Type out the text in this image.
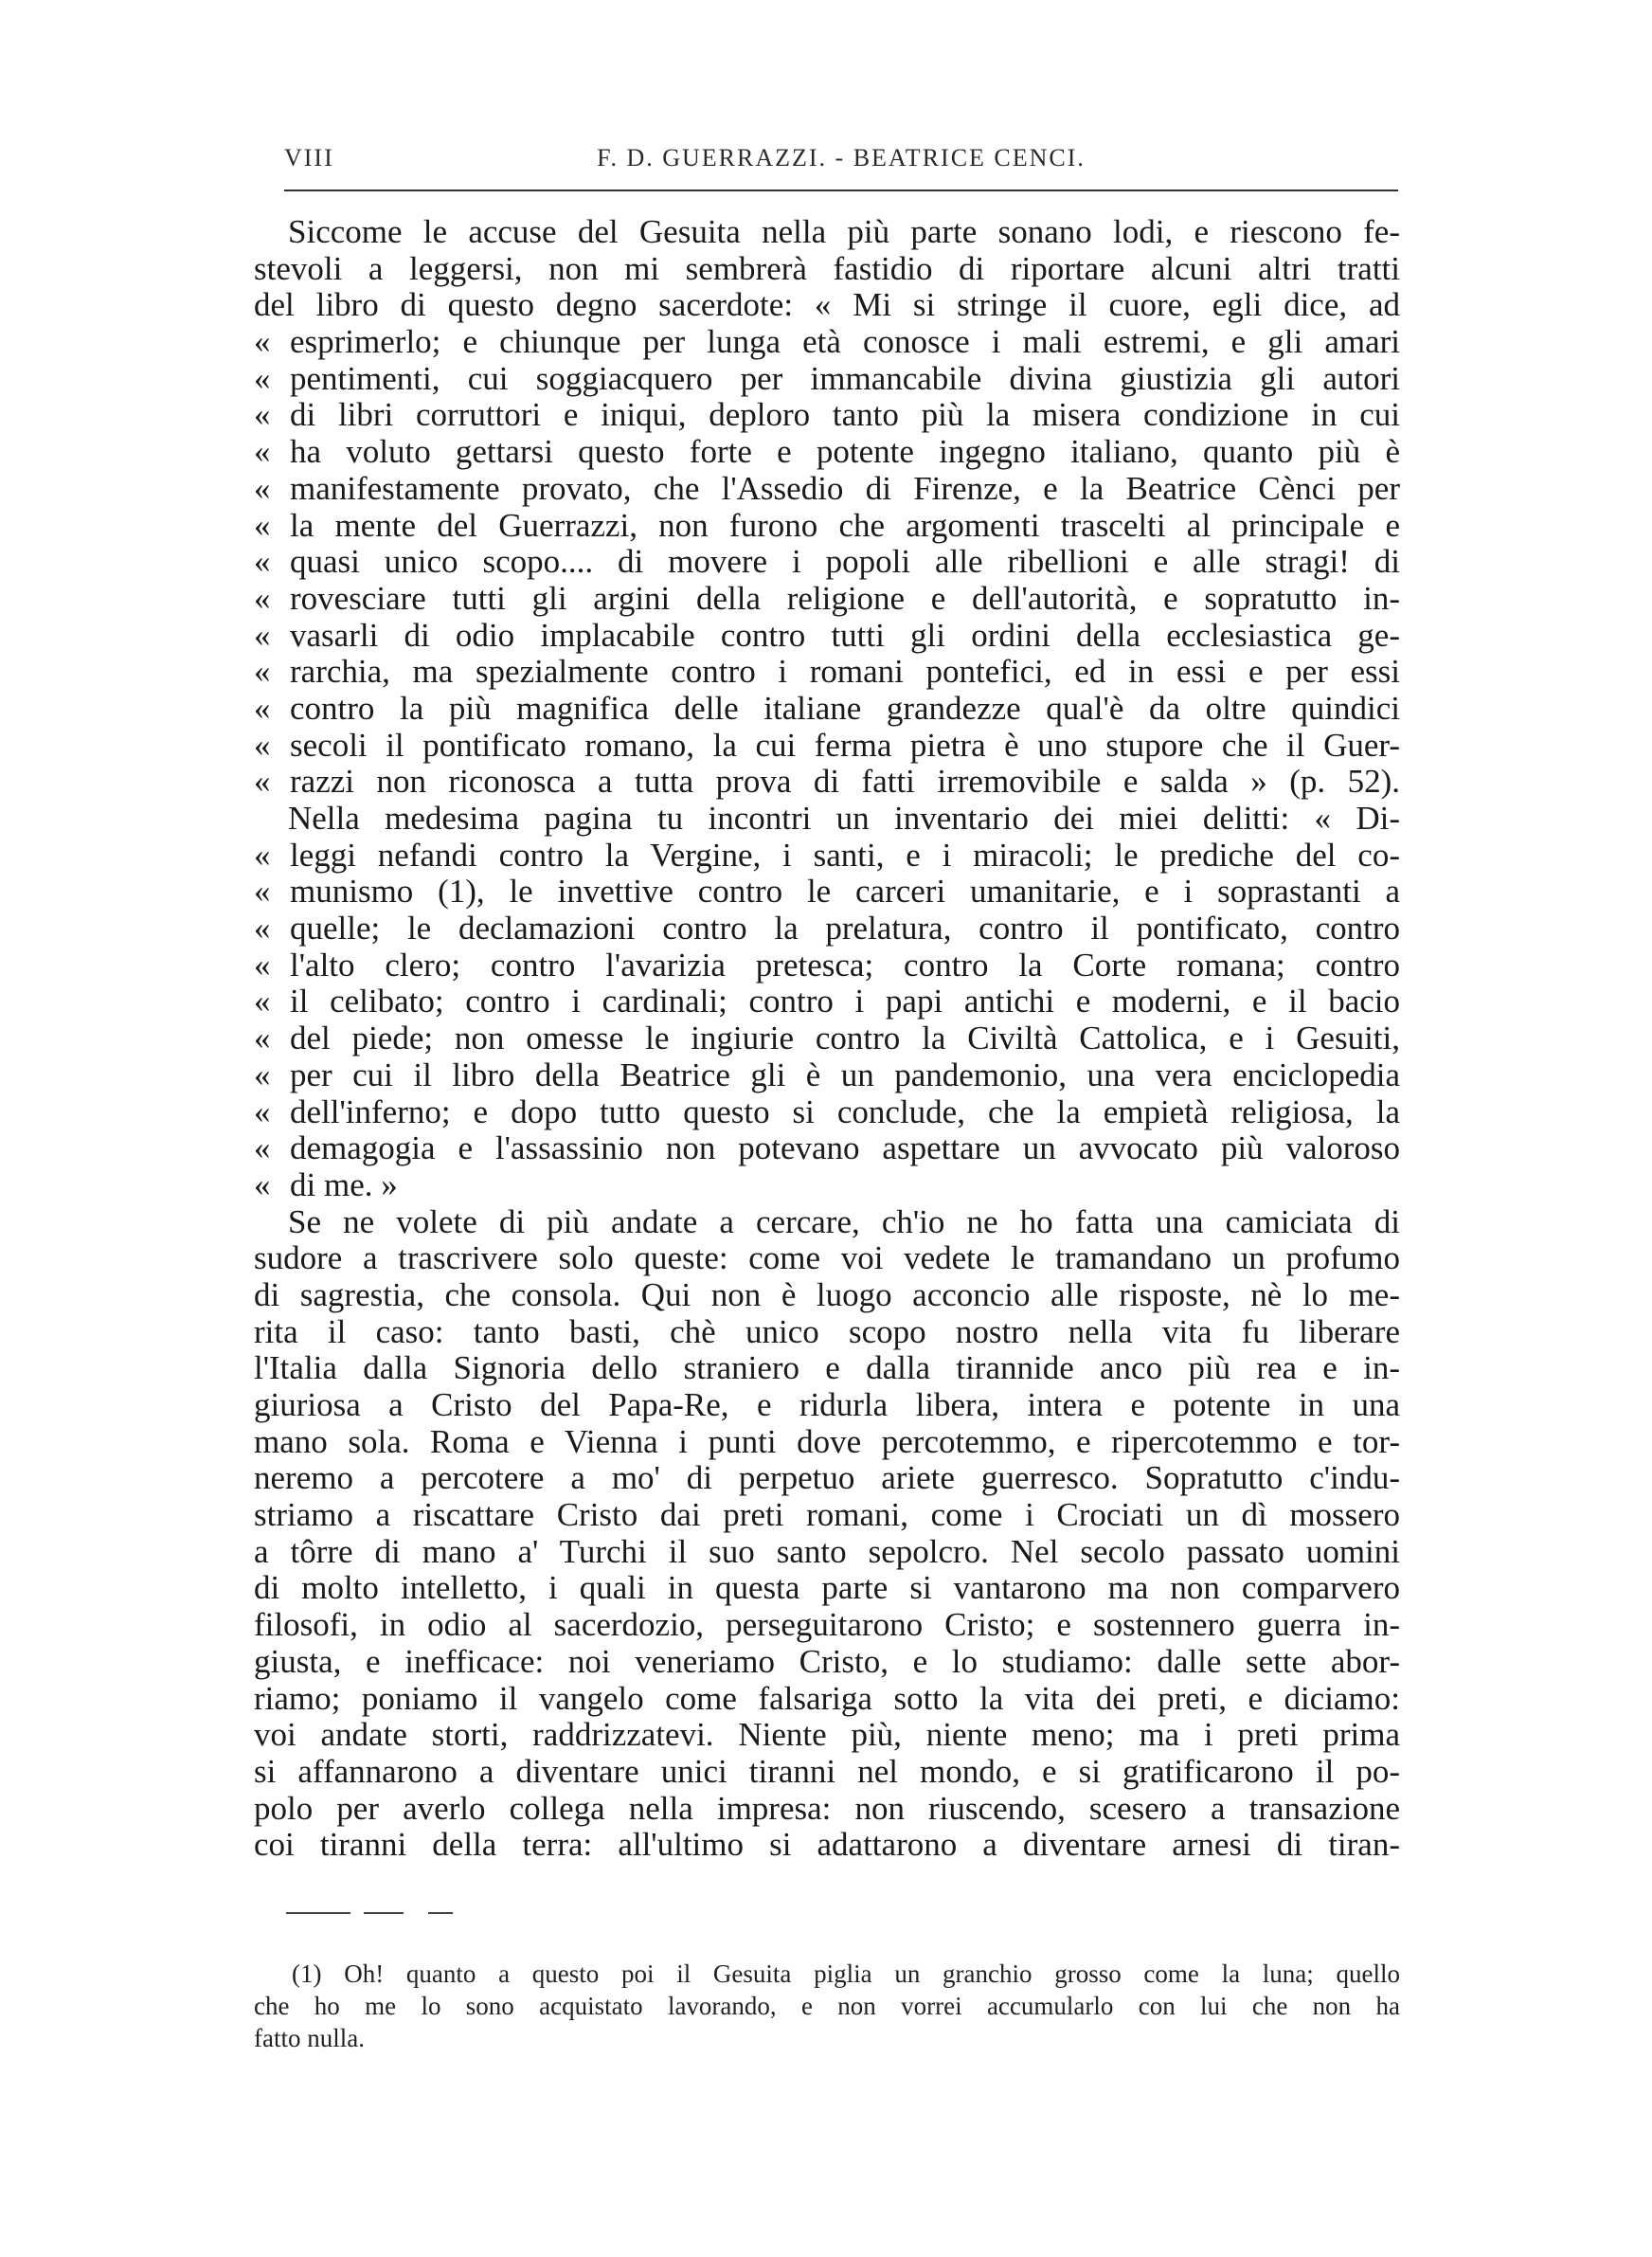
VIII	F. D. GUERRAZZI. - BEATRICE CENCI.
Siccome le accuse del Gesuita nella più parte sonano lodi, e riescono fe-
stevoli a leggersi, non mi sembrerà fastidio di riportare alcuni altri tratti
del libro di questo degno sacerdote: « Mi si stringe il cuore, egli dice, ad
« esprimerlo; e chiunque per lunga età conosce i mali estremi, e gli amari
« pentimenti, cui soggiacquero per immancabile divina giustizia gli autori
« di libri corruttori e iniqui, deploro tanto più la misera condizione in cui
« ha voluto gettarsi questo forte e potente ingegno italiano, quanto più è
« manifestamente provato, che l'Assedio di Firenze, e la Beatrice Cènci per
« la mente del Guerrazzi, non furono che argomenti trascelti al principale e
« quasi unico scopo.... di movere i popoli alle ribellioni e alle stragi! di
« rovesciare tutti gli argini della religione e dell'autorità, e sopratutto in-
« vasarli di odio implacabile contro tutti gli ordini della ecclesiastica ge-
« rarchia, ma spezialmente contro i romani pontefici, ed in essi e per essi
« contro la più magnifica delle italiane grandezze qual'è da oltre quindici
« secoli il pontificato romano, la cui ferma pietra è uno stupore che il Guer-
« razzi non riconosca a tutta prova di fatti irremovibile e salda » (p. 52).
Nella medesima pagina tu incontri un inventario dei miei delitti: « Di-
« leggi nefandi contro la Vergine, i santi, e i miracoli; le prediche del co-
« munismo (1), le invettive contro le carceri umanitarie, e i soprastanti a
« quelle; le declamazioni contro la prelatura, contro il pontificato, contro
« l'alto clero; contro l'avarizia pretesca; contro la Corte romana; contro
« il celibato; contro i cardinali; contro i papi antichi e moderni, e il bacio
« del piede; non omesse le ingiurie contro la Civiltà Cattolica, e i Gesuiti,
« per cui il libro della Beatrice gli è un pandemonio, una vera enciclopedia
« dell'inferno; e dopo tutto questo si conclude, che la empietà religiosa, la
« demagogia e l'assassinio non potevano aspettare un avvocato più valoroso
« di me. »
Se ne volete di più andate a cercare, ch'io ne ho fatta una camiciata di
sudore a trascrivere solo queste: come voi vedete le tramandano un profumo
di sagrestia, che consola. Qui non è luogo acconcio alle risposte, nè lo me-
rita il caso: tanto basti, chè unico scopo nostro nella vita fu liberare
l'Italia dalla Signoria dello straniero e dalla tirannide anco più rea e in-
giuriosa a Cristo del Papa-Re, e ridurla libera, intera e potente in una
mano sola. Roma e Vienna i punti dove percotemmo, e ripercotemmo e tor-
neremo a percotere a mo' di perpetuo ariete guerresco. Sopratutto c'indu-
striamo a riscattare Cristo dai preti romani, come i Crociati un dì mossero
a tôrre di mano a' Turchi il suo santo sepolcro. Nel secolo passato uomini
di molto intelletto, i quali in questa parte si vantarono ma non comparvero
filosofi, in odio al sacerdozio, perseguitarono Cristo; e sostennero guerra in-
giusta, e inefficace: noi veneriamo Cristo, e lo studiamo: dalle sette abor-
riamo; poniamo il vangelo come falsariga sotto la vita dei preti, e diciamo:
voi andate storti, raddrizzatevi. Niente più, niente meno; ma i preti prima
si affannarono a diventare unici tiranni nel mondo, e si gratificarono il po-
polo per averlo collega nella impresa: non riuscendo, scesero a transazione
coi tiranni della terra: all'ultimo si adattarono a diventare arnesi di tiran-
(1) Oh! quanto a questo poi il Gesuita piglia un granchio grosso come la luna; quello
che ho me lo sono acquistato lavorando, e non vorrei accumularlo con lui che non ha
fatto nulla.
